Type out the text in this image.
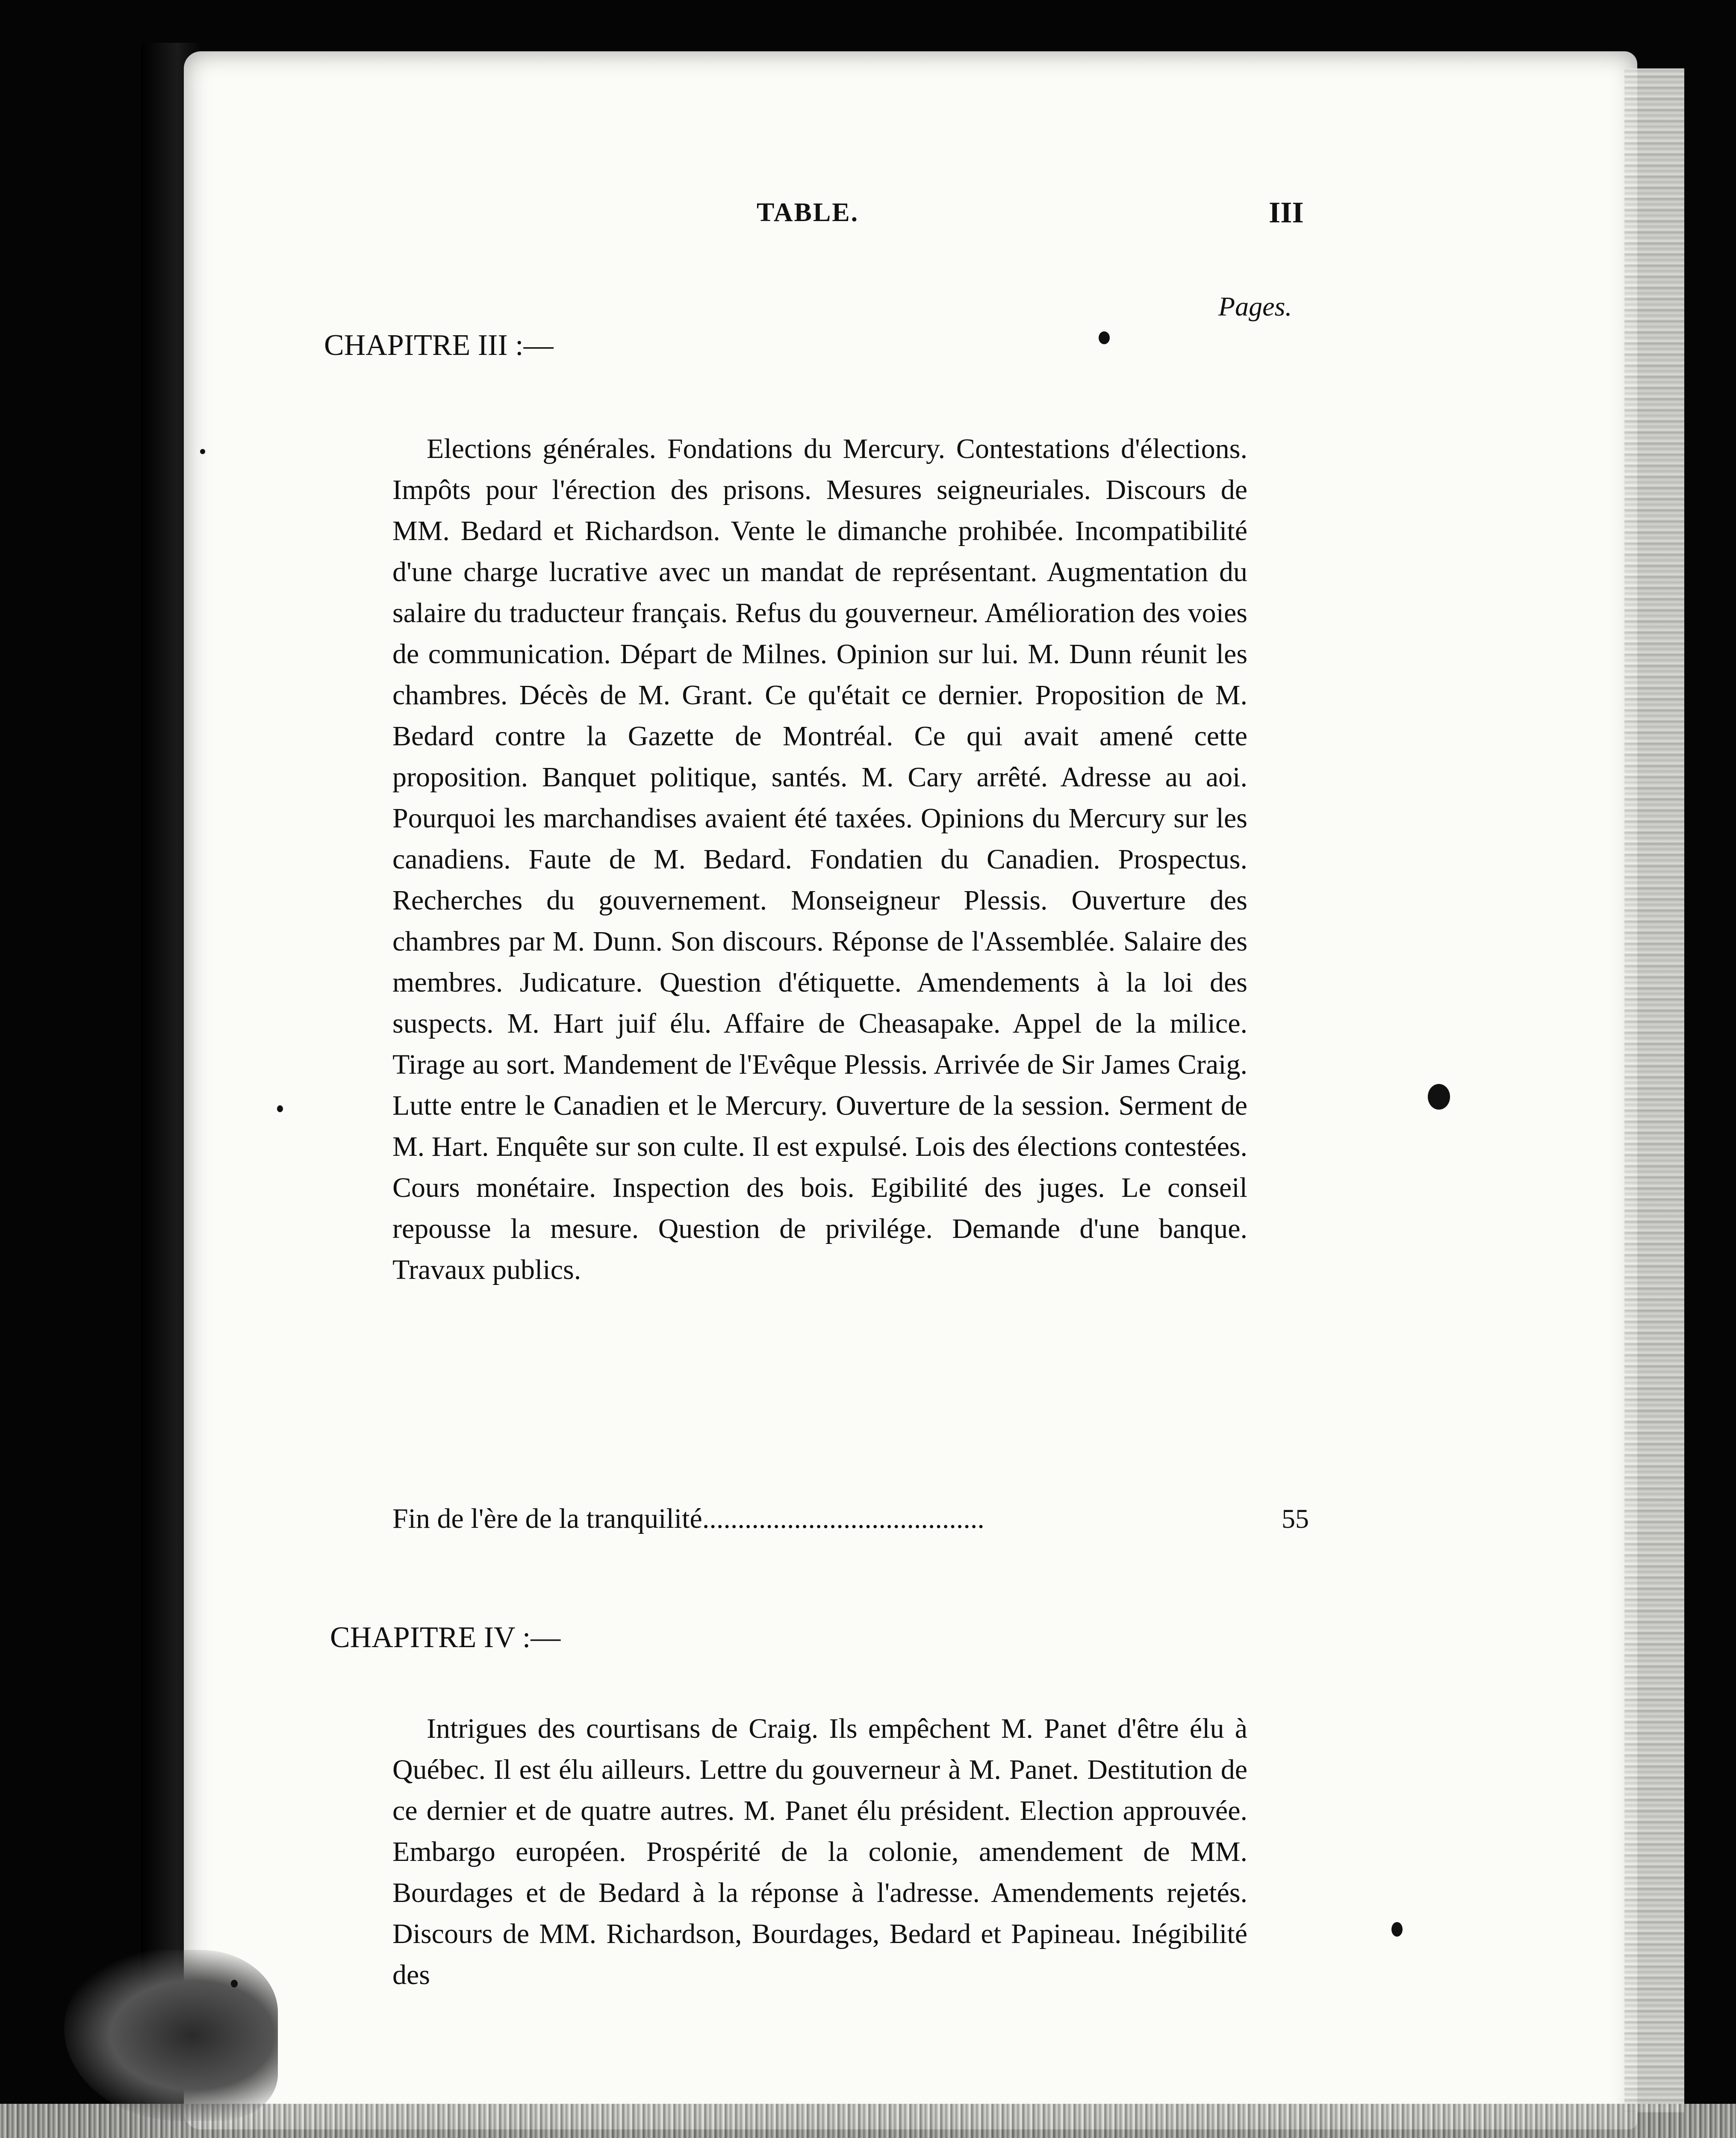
TABLE.	III
Pages.
CHAPITRE III :—
Elections générales. Fondations du Mercury. Contestations d'élections. Impôts pour l'érection des prisons. Mesures seigneuriales. Discours de MM. Bedard et Richardson. Vente le dimanche prohibée. Incompatibilité d'une charge lucrative avec un mandat de représentant. Augmentation du salaire du traducteur français. Refus du gouverneur. Amélioration des voies de communication. Départ de Milnes. Opinion sur lui. M. Dunn réunit les chambres. Décès de M. Grant. Ce qu'était ce dernier. Proposition de M. Bedard contre la Gazette de Montréal. Ce qui avait amené cette proposition. Banquet politique, santés. M. Cary arrêté. Adresse au aoi. Pourquoi les marchandises avaient été taxées. Opinions du Mercury sur les canadiens. Faute de M. Bedard. Fondatien du Canadien. Prospectus. Recherches du gouvernement. Monseigneur Plessis. Ouverture des chambres par M. Dunn. Son discours. Réponse de l'Assemblée. Salaire des membres. Judicature. Question d'étiquette. Amendements à la loi des suspects. M. Hart juif élu. Affaire de Cheasapake. Appel de la milice. Tirage au sort. Mandement de l'Evêque Plessis. Arrivée de Sir James Craig. Lutte entre le Canadien et le Mercury. Ouverture de la session. Serment de M. Hart. Enquête sur son culte. Il est expulsé. Lois des élections contestées. Cours monétaire. Inspection des bois. Egibilité des juges. Le conseil repousse la mesure. Question de privilége. Demande d'une banque. Travaux publics.
Fin de l'ère de la tranquilité........................................	55
CHAPITRE IV :—
Intrigues des courtisans de Craig. Ils empêchent M. Panet d'être élu à Québec. Il est élu ailleurs. Lettre du gouverneur à M. Panet. Destitution de ce dernier et de quatre autres. M. Panet élu président. Election approuvée. Embargo européen. Prospérité de la colonie, amendement de MM. Bourdages et de Bedard à la réponse à l'adresse. Amendements rejetés. Discours de MM. Richardson, Bourdages, Bedard et Papineau. Inégibilité des
